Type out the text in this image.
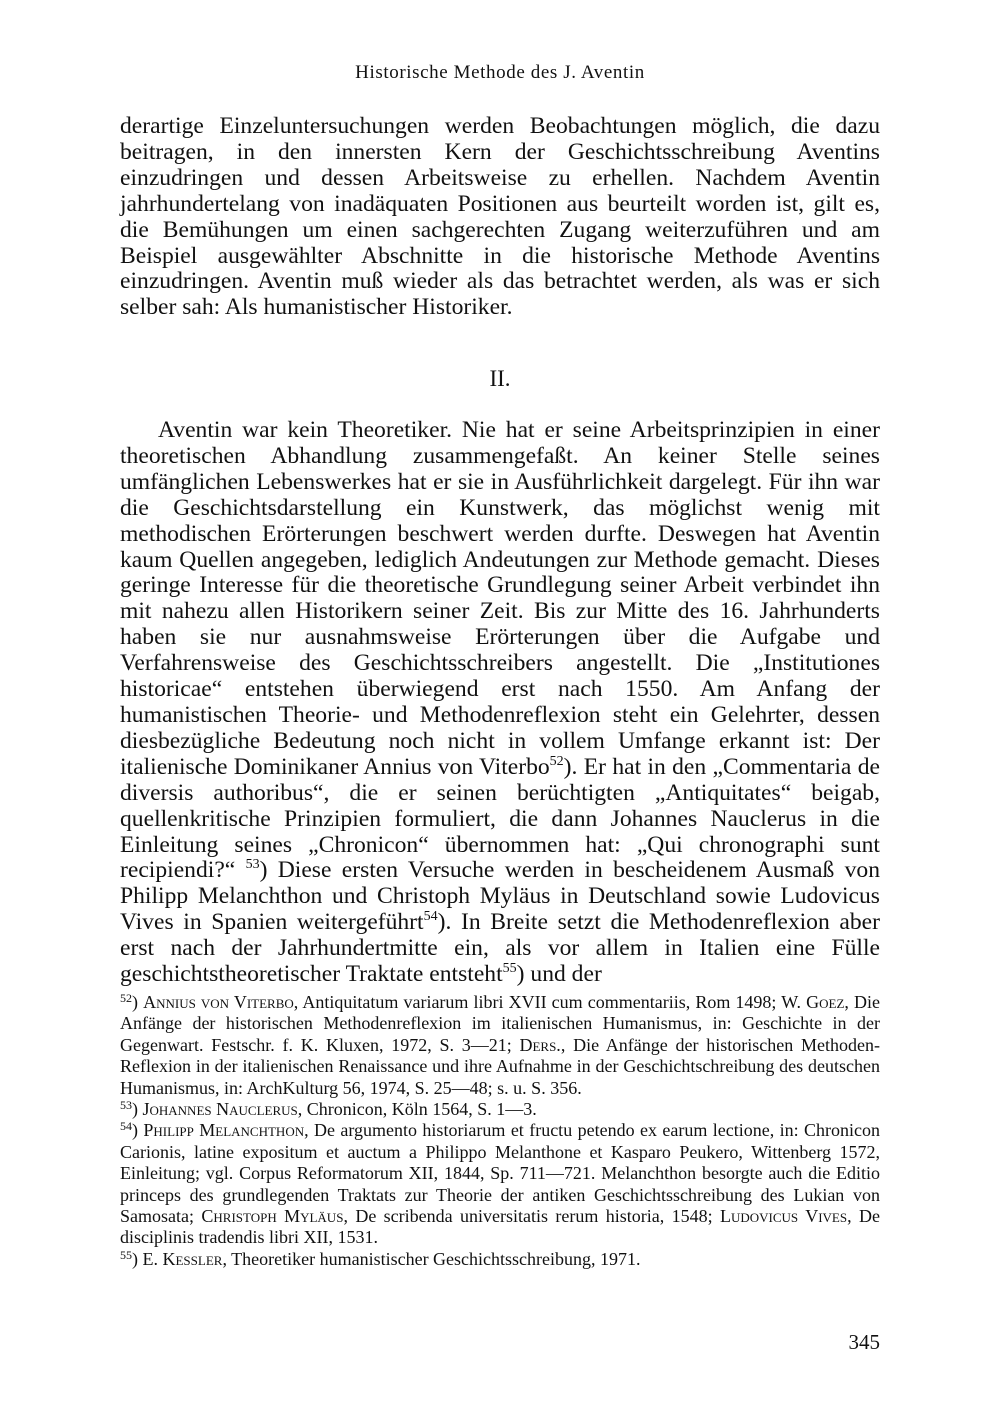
Historische Methode des J. Aventin

derartige Einzeluntersuchungen werden Beobachtungen möglich, die dazu beitragen, in den innersten Kern der Geschichtsschreibung Aventins einzudringen und dessen Arbeitsweise zu erhellen. Nachdem Aventin jahrhundertelang von inadäquaten Positionen aus beurteilt worden ist, gilt es, die Bemühungen um einen sachgerechten Zugang weiterzuführen und am Beispiel ausgewählter Abschnitte in die historische Methode Aventins einzudringen. Aventin muß wieder als das betrachtet werden, als was er sich selber sah: Als humanistischer Historiker.

II.

Aventin war kein Theoretiker. Nie hat er seine Arbeitsprinzipien in einer theoretischen Abhandlung zusammengefaßt. An keiner Stelle seines umfänglichen Lebenswerkes hat er sie in Ausführlichkeit dargelegt. Für ihn war die Geschichtsdarstellung ein Kunstwerk, das möglichst wenig mit methodischen Erörterungen beschwert werden durfte. Deswegen hat Aventin kaum Quellen angegeben, lediglich Andeutungen zur Methode gemacht. Dieses geringe Interesse für die theoretische Grundlegung seiner Arbeit verbindet ihn mit nahezu allen Historikern seiner Zeit. Bis zur Mitte des 16. Jahrhunderts haben sie nur ausnahmsweise Erörterungen über die Aufgabe und Verfahrensweise des Geschichtsschreibers angestellt. Die „Institutiones historicae“ entstehen überwiegend erst nach 1550. Am Anfang der humanistischen Theorie- und Methodenreflexion steht ein Gelehrter, dessen diesbezügliche Bedeutung noch nicht in vollem Umfange erkannt ist: Der italienische Dominikaner Annius von Viterbo$^{52}$). Er hat in den „Commentaria de diversis authoribus“, die er seinen berüchtigten „Antiquitates“ beigab, quellenkritische Prinzipien formuliert, die dann Johannes Nauclerus in die Einleitung seines „Chronicon“ übernommen hat: „Qui chronographi sunt recipiendi?“ $^{53}$) Diese ersten Versuche werden in bescheidenem Ausmaß von Philipp Melanchthon und Christoph Myläus in Deutschland sowie Ludovicus Vives in Spanien weitergeführt$^{54}$). In Breite setzt die Methodenreflexion aber erst nach der Jahrhundertmitte ein, als vor allem in Italien eine Fülle geschichtstheoretischer Traktate entsteht$^{55}$) und der

$^{52}$) Annius von Viterbo, Antiquitatum variarum libri XVII cum commentariis, Rom 1498; W. Goez, Die Anfänge der historischen Methodenreflexion im italienischen Humanismus, in: Geschichte in der Gegenwart. Festschr. f. K. Kluxen, 1972, S. 3—21; Ders., Die Anfänge der historischen Methoden-Reflexion in der italienischen Renaissance und ihre Aufnahme in der Geschichtschreibung des deutschen Humanismus, in: ArchKulturg 56, 1974, S. 25—48; s. u. S. 356.

$^{53}$) Johannes Nauclerus, Chronicon, Köln 1564, S. 1—3.

$^{54}$) Philipp Melanchthon, De argumento historiarum et fructu petendo ex earum lectione, in: Chronicon Carionis, latine expositum et auctum a Philippo Melanthone et Kasparo Peukero, Wittenberg 1572, Einleitung; vgl. Corpus Reformatorum XII, 1844, Sp. 711—721. Melanchthon besorgte auch die Editio princeps des grundlegenden Traktats zur Theorie der antiken Geschichtsschreibung des Lukian von Samosata; Christoph Myläus, De scribenda universitatis rerum historia, 1548; Ludovicus Vives, De disciplinis tradendis libri XII, 1531.

$^{55}$) E. Kessler, Theoretiker humanistischer Geschichtsschreibung, 1971.

345
